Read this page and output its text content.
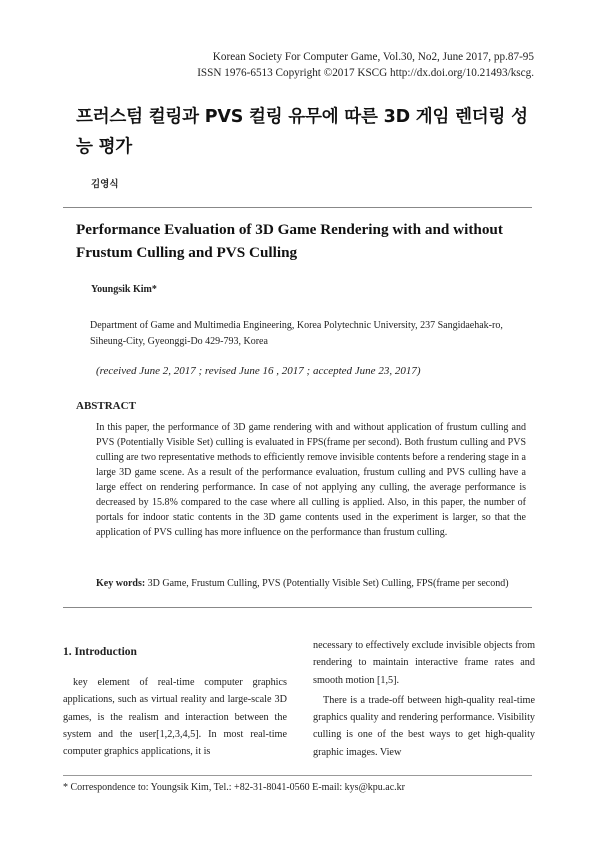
Korean Society For Computer Game, Vol.30, No2, June 2017, pp.87-95
ISSN 1976-6513 Copyright ©2017 KSCG http://dx.doi.org/10.21493/kscg.
프러스텀 컬링과 PVS 컬링 유무에 따른 3D 게임 렌더링 성능 평가
김영식
Performance Evaluation of 3D Game Rendering with and without Frustum Culling and PVS Culling
Youngsik Kim*
Department of Game and Multimedia Engineering, Korea Polytechnic University, 237 Sangidaehak-ro, Siheung-City, Gyeonggi-Do 429-793, Korea
(received June 2, 2017 ; revised June 16 , 2017 ; accepted June 23, 2017)
ABSTRACT
In this paper, the performance of 3D game rendering with and without application of frustum culling and PVS (Potentially Visible Set) culling is evaluated in FPS(frame per second). Both frustum culling and PVS culling are two representative methods to efficiently remove invisible contents before a rendering stage in a large 3D game scene. As a result of the performance evaluation, frustum culling and PVS culling have a large effect on rendering performance. In case of not applying any culling, the average performance is decreased by 15.8% compared to the case where all culling is applied. Also, in this paper, the number of portals for indoor static contents in the 3D game contents used in the experiment is larger, so that the application of PVS culling has more influence on the performance than frustum culling.
Key words: 3D Game, Frustum Culling, PVS (Potentially Visible Set) Culling, FPS(frame per second)
1. Introduction

key element of real-time computer graphics applications, such as virtual reality and large-scale 3D games, is the realism and interaction between the system and the user[1,2,3,4,5]. In most real-time computer graphics applications, it is

necessary to effectively exclude invisible objects from rendering to maintain interactive frame rates and smooth motion [1,5].

There is a trade-off between high-quality real-time graphics quality and rendering performance. Visibility culling is one of the best ways to get high-quality graphic images. View

* Correspondence to: Youngsik Kim, Tel.: +82-31-8041-0560 E-mail: kys@kpu.ac.kr
